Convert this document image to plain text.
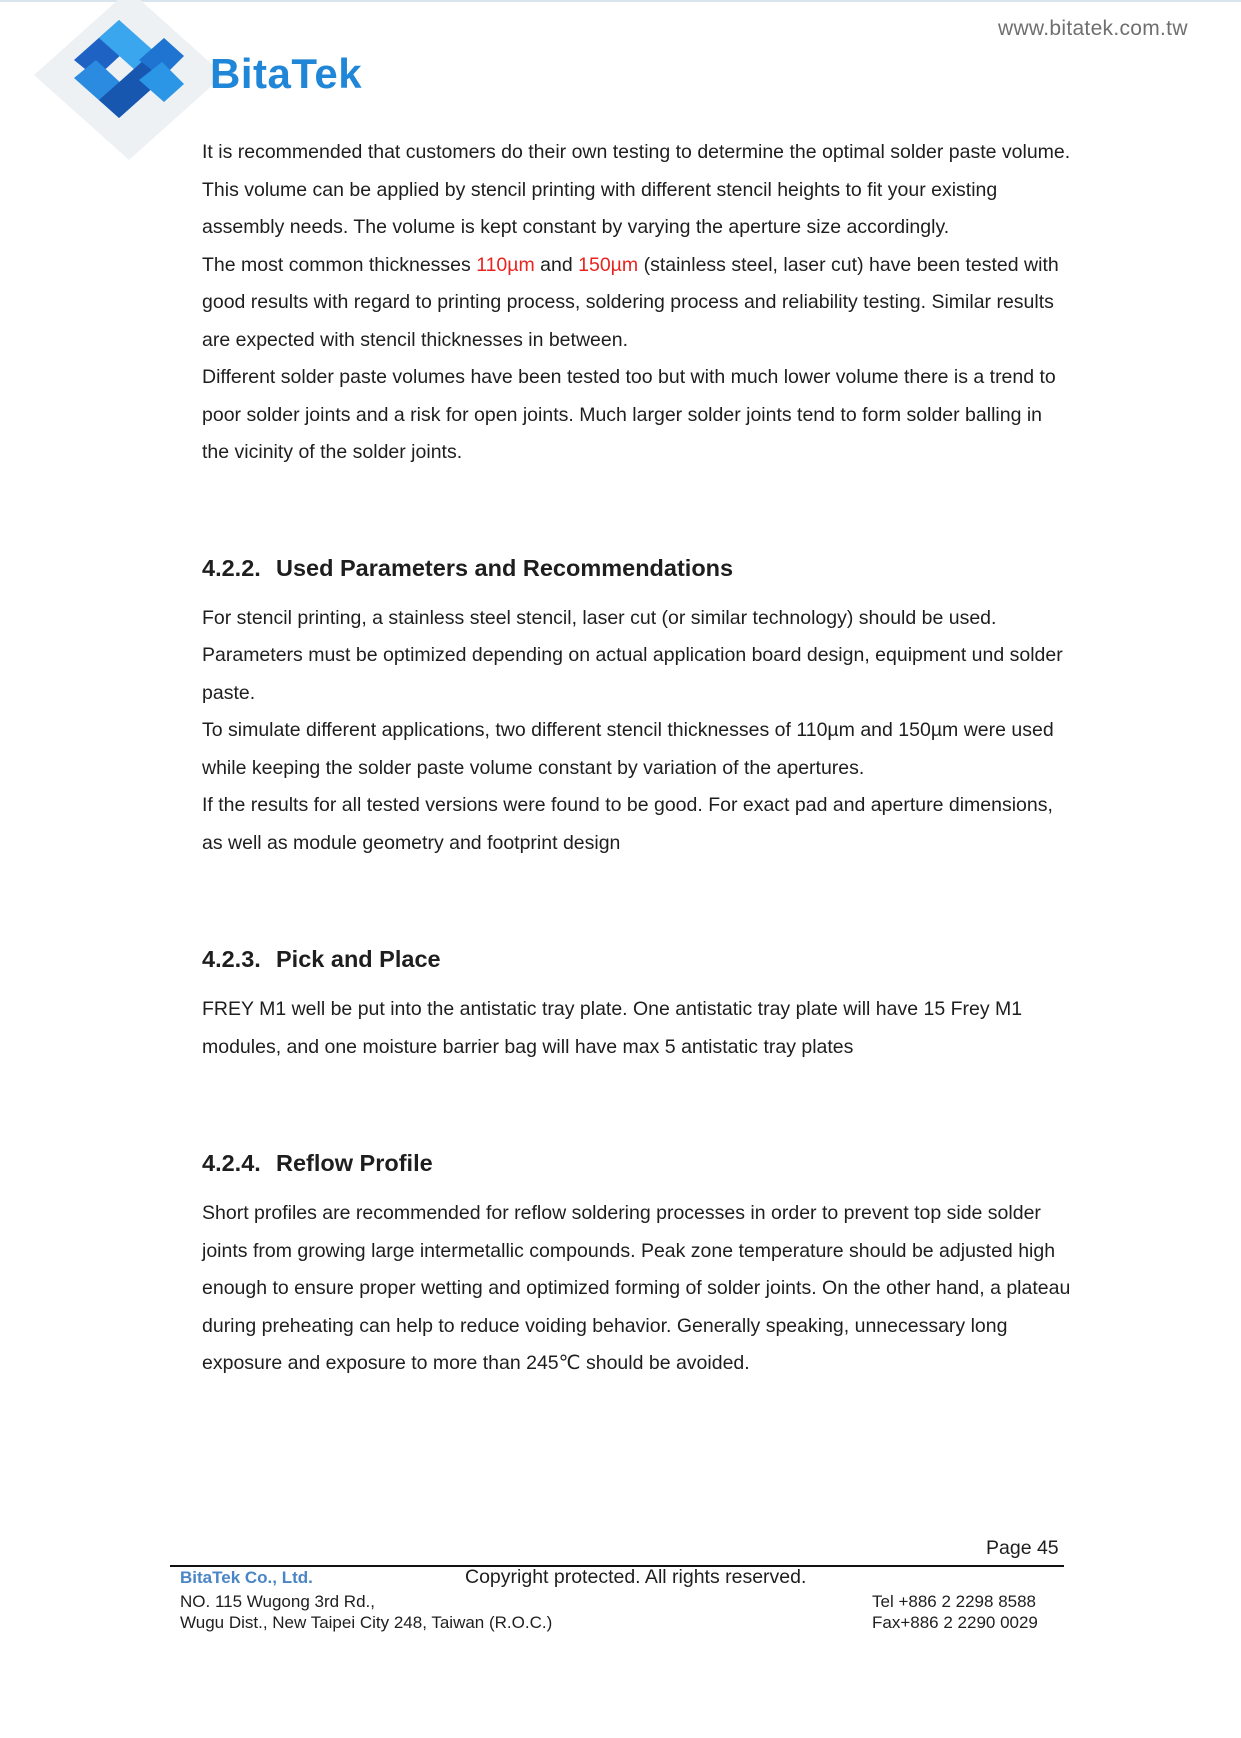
BitaTek
www.bitatek.com.tw

It is recommended that customers do their own testing to determine the optimal solder paste volume. This volume can be applied by stencil printing with different stencil heights to fit your existing assembly needs. The volume is kept constant by varying the aperture size accordingly.

The most common thicknesses 110µm and 150µm (stainless steel, laser cut) have been tested with good results with regard to printing process, soldering process and reliability testing. Similar results are expected with stencil thicknesses in between.

Different solder paste volumes have been tested too but with much lower volume there is a trend to poor solder joints and a risk for open joints. Much larger solder joints tend to form solder balling in the vicinity of the solder joints.

4.2.2. Used Parameters and Recommendations

For stencil printing, a stainless steel stencil, laser cut (or similar technology) should be used. Parameters must be optimized depending on actual application board design, equipment und solder paste.

To simulate different applications, two different stencil thicknesses of 110µm and 150µm were used while keeping the solder paste volume constant by variation of the apertures.

If the results for all tested versions were found to be good. For exact pad and aperture dimensions, as well as module geometry and footprint design

4.2.3. Pick and Place

FREY M1 well be put into the antistatic tray plate. One antistatic tray plate will have 15 Frey M1 modules, and one moisture barrier bag will have max 5 antistatic tray plates

4.2.4. Reflow Profile

Short profiles are recommended for reflow soldering processes in order to prevent top side solder joints from growing large intermetallic compounds. Peak zone temperature should be adjusted high enough to ensure proper wetting and optimized forming of solder joints. On the other hand, a plateau during preheating can help to reduce voiding behavior. Generally speaking, unnecessary long exposure and exposure to more than 245℃ should be avoided.

Page 45
BitaTek Co., Ltd.	Copyright protected. All rights reserved.
NO. 115 Wugong 3rd Rd.,
Wugu Dist., New Taipei City 248, Taiwan (R.O.C.)
Tel +886 2 2298 8588
Fax+886 2 2290 0029
